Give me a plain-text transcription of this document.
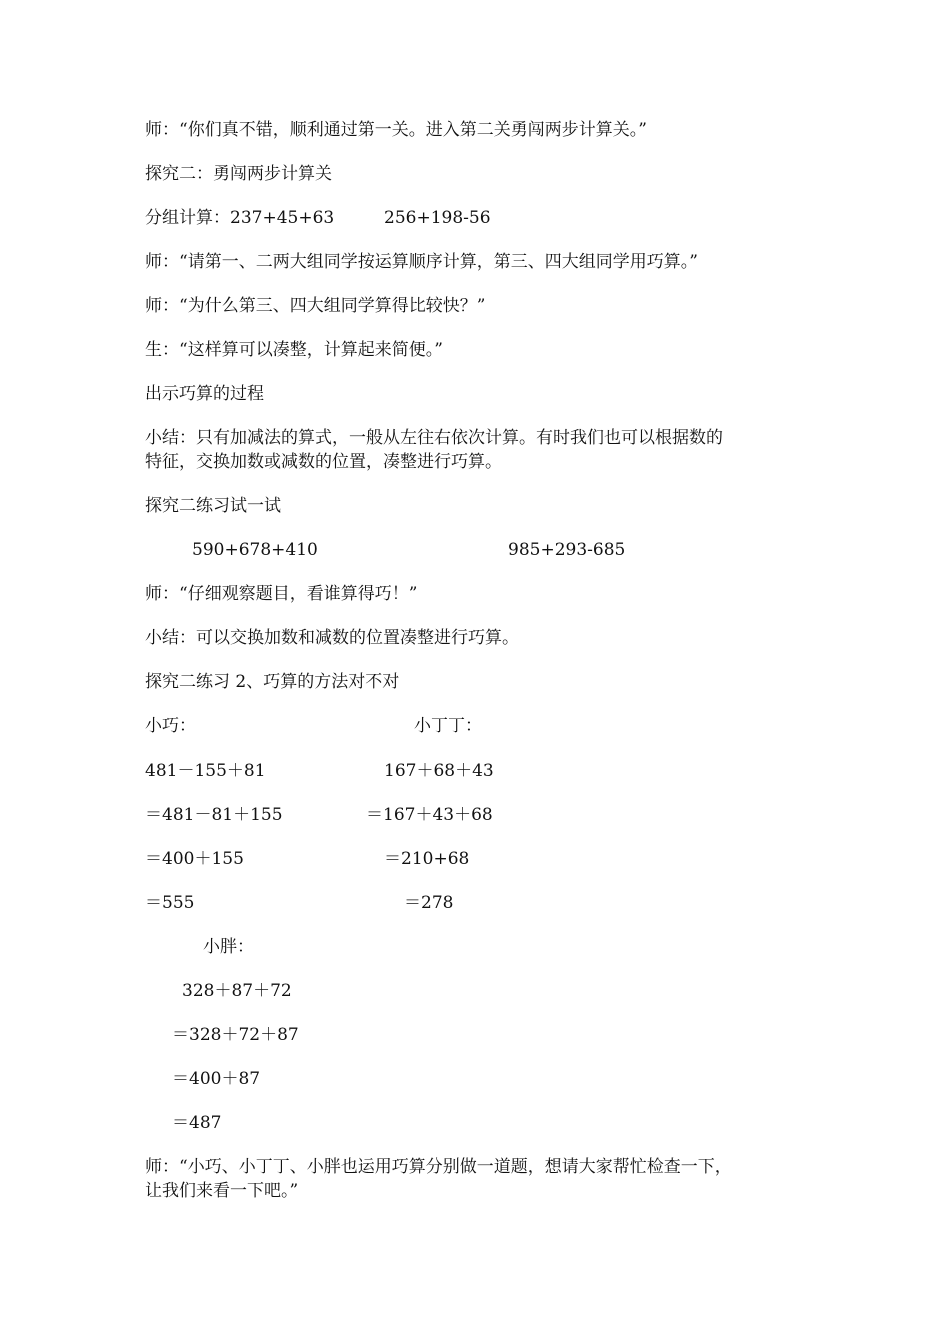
师：“你们真不错，顺利通过第一关。进入第二关勇闯两步计算关。”
探究二：勇闯两步计算关
分组计算：237+45+63	256+198-56
师：“请第一、二两大组同学按运算顺序计算，第三、四大组同学用巧算。”
师：“为什么第三、四大组同学算得比较快？”
生：“这样算可以凑整，计算起来简便。”
出示巧算的过程
小结：只有加减法的算式，一般从左往右依次计算。有时我们也可以根据数的
特征，交换加数或减数的位置，凑整进行巧算。
探究二练习试一试
590+678+410	985+293-685
师：“仔细观察题目，看谁算得巧！”
小结：可以交换加数和减数的位置凑整进行巧算。
探究二练习 2、巧算的方法对不对
小巧：	小丁丁：
481－155＋81	167＋68＋43
＝481－81＋155	＝167＋43＋68
＝400＋155	＝210+68
＝555	＝278
小胖：
328＋87＋72
＝328＋72＋87
＝400＋87
＝487
师：“小巧、小丁丁、小胖也运用巧算分别做一道题，想请大家帮忙检查一下，
让我们来看一下吧。”
